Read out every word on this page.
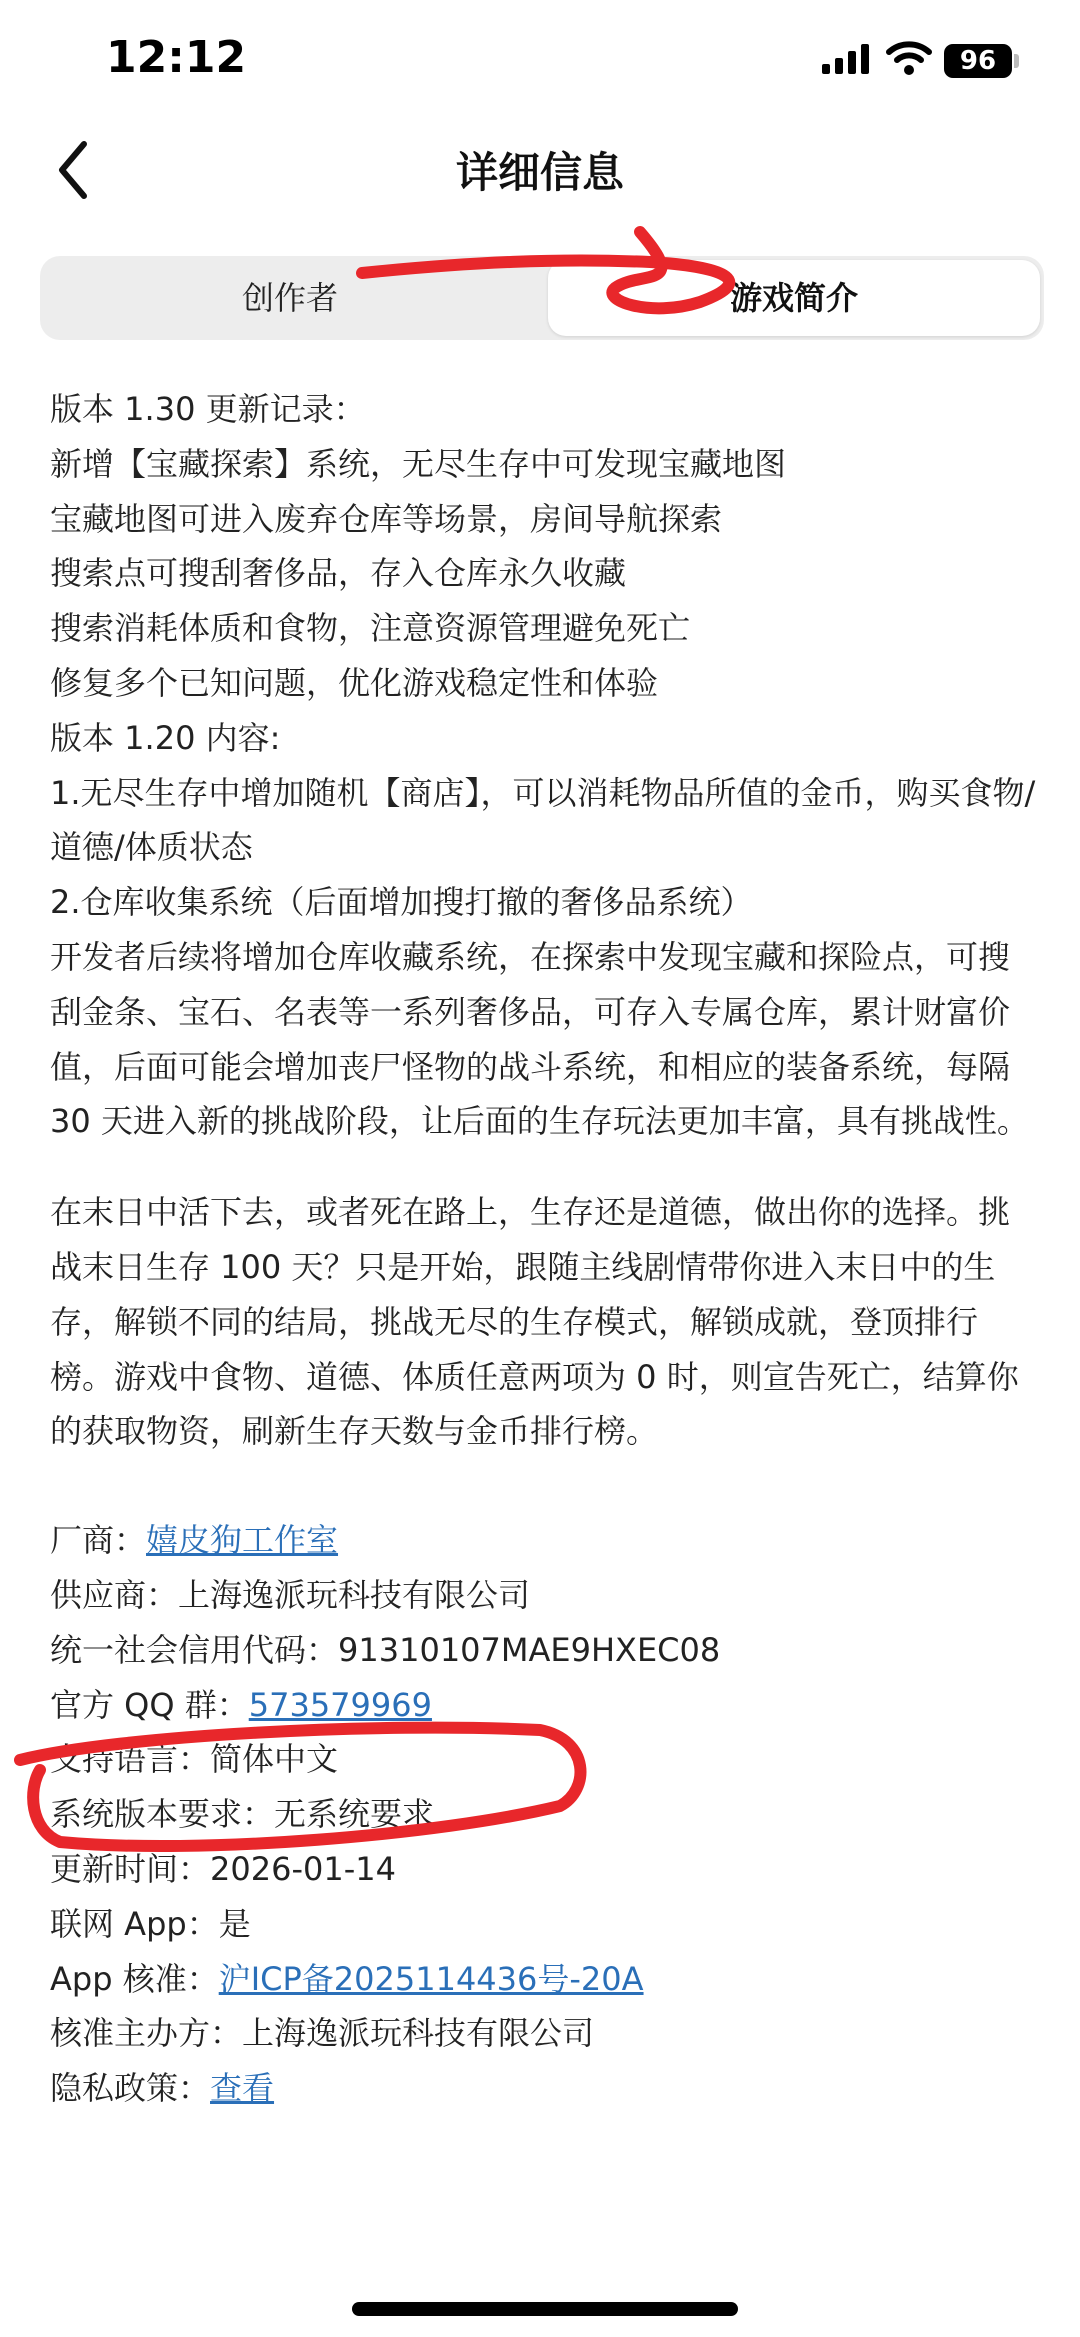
12:12	96
详细信息
创作者	游戏简介

版本 1.30 更新记录：

新增【宝藏探索】系统，无尽生存中可发现宝藏地图

宝藏地图可进入废弃仓库等场景，房间导航探索

搜索点可搜刮奢侈品，存入仓库永久收藏

搜索消耗体质和食物，注意资源管理避免死亡

修复多个已知问题，优化游戏稳定性和体验

版本 1.20 内容:

1.无尽生存中增加随机【商店】，可以消耗物品所值的金币，购买食物/道德/体质状态

2.仓库收集系统（后面增加搜打撤的奢侈品系统）

开发者后续将增加仓库收藏系统，在探索中发现宝藏和探险点，可搜刮金条、宝石、名表等一系列奢侈品，可存入专属仓库，累计财富价值，后面可能会增加丧尸怪物的战斗系统，和相应的装备系统，每隔 30 天进入新的挑战阶段，让后面的生存玩法更加丰富，具有挑战性。

在末日中活下去，或者死在路上，生存还是道德，做出你的选择。挑战末日生存 100 天？只是开始，跟随主线剧情带你进入末日中的生存，解锁不同的结局，挑战无尽的生存模式，解锁成就，登顶排行榜。游戏中食物、道德、体质任意两项为 0 时，则宣告死亡，结算你的获取物资，刷新生存天数与金币排行榜。

厂商：嬉皮狗工作室

供应商：上海逸派玩科技有限公司

统一社会信用代码：91310107MAE9HXEC08

官方 QQ 群：573579969

支持语言：简体中文

系统版本要求：无系统要求

更新时间：2026-01-14

联网 App：是

App 核准：沪ICP备2025114436号-20A

核准主办方：上海逸派玩科技有限公司

隐私政策：查看
